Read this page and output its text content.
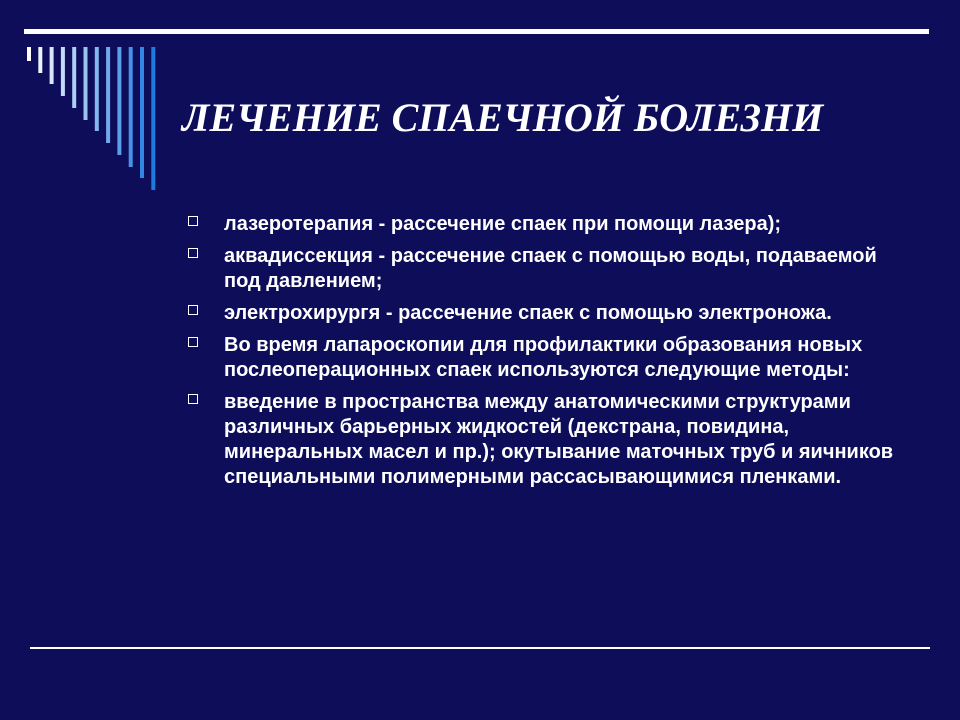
ЛЕЧЕНИЕ СПАЕЧНОЙ БОЛЕЗНИ
лазеротерапия - рассечение спаек при помощи лазера);
аквадиссекция - рассечение спаек с помощью воды, подаваемой под давлением;
электрохирургя - рассечение спаек с помощью электроножа.
Во время лапароскопии для профилактики образования новых послеоперационных спаек используются следующие методы:
введение в пространства между анатомическими структурами различных барьерных жидкостей (декстрана, повидина, минеральных масел и пр.); окутывание маточных труб и яичников специальными полимерными рассасывающимися пленками.
